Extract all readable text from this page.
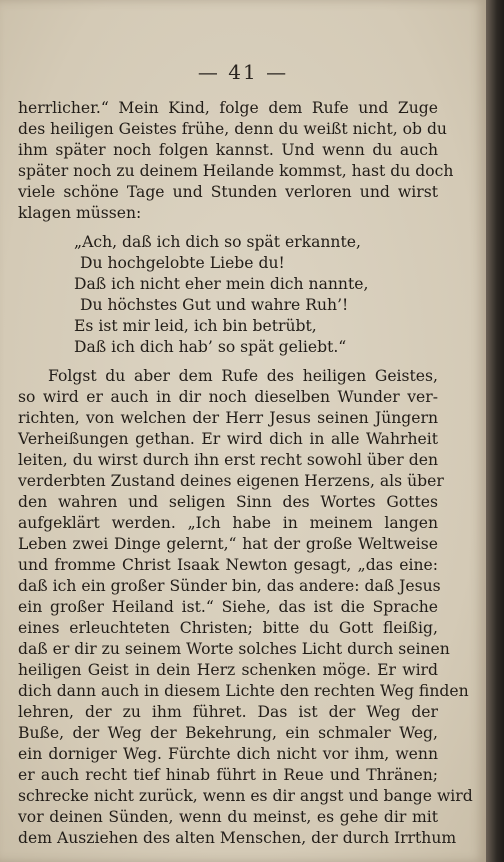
— 41 —
herrlicher.“ Mein Kind, folge dem Rufe und Zuge
des heiligen Geistes frühe, denn du weißt nicht, ob du
ihm später noch folgen kannst. Und wenn du auch
später noch zu deinem Heilande kommst, hast du doch
viele schöne Tage und Stunden verloren und wirst
klagen müssen:
„Ach, daß ich dich so spät erkannte,
Du hochgelobte Liebe du!
Daß ich nicht eher mein dich nannte,
Du höchstes Gut und wahre Ruh’!
Es ist mir leid, ich bin betrübt,
Daß ich dich hab’ so spät geliebt.“
Folgst du aber dem Rufe des heiligen Geistes,
so wird er auch in dir noch dieselben Wunder ver-
richten, von welchen der Herr Jesus seinen Jüngern
Verheißungen gethan. Er wird dich in alle Wahrheit
leiten, du wirst durch ihn erst recht sowohl über den
verderbten Zustand deines eigenen Herzens, als über
den wahren und seligen Sinn des Wortes Gottes
aufgeklärt werden. „Ich habe in meinem langen
Leben zwei Dinge gelernt,“ hat der große Weltweise
und fromme Christ Isaak Newton gesagt, „das eine:
daß ich ein großer Sünder bin, das andere: daß Jesus
ein großer Heiland ist.“ Siehe, das ist die Sprache
eines erleuchteten Christen; bitte du Gott fleißig,
daß er dir zu seinem Worte solches Licht durch seinen
heiligen Geist in dein Herz schenken möge. Er wird
dich dann auch in diesem Lichte den rechten Weg finden
lehren, der zu ihm führet. Das ist der Weg der
Buße, der Weg der Bekehrung, ein schmaler Weg,
ein dorniger Weg. Fürchte dich nicht vor ihm, wenn
er auch recht tief hinab führt in Reue und Thränen;
schrecke nicht zurück, wenn es dir angst und bange wird
vor deinen Sünden, wenn du meinst, es gehe dir mit
dem Ausziehen des alten Menschen, der durch Irrthum
